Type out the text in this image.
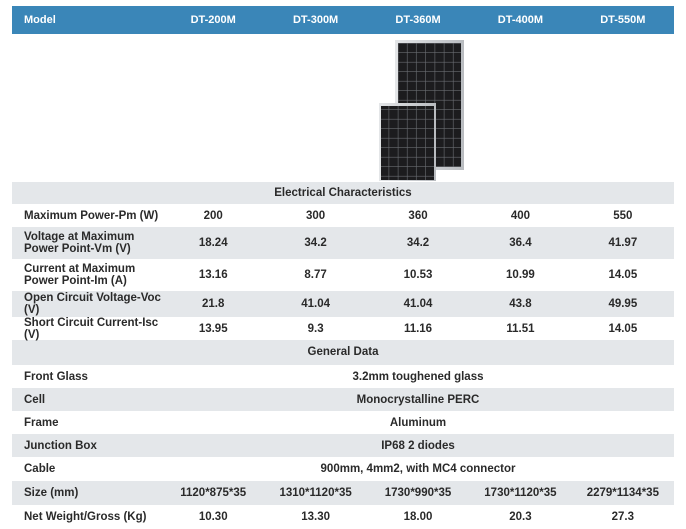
Model	DT-200M	DT-300M	DT-360M	DT-400M	DT-550M
Electrical Characteristics
Maximum Power-Pm (W)	200	300	360	400	550
Voltage at Maximum Power Point-Vm (V)	18.24	34.2	34.2	36.4	41.97
Current at Maximum Power Point-Im (A)	13.16	8.77	10.53	10.99	14.05
Open Circuit Voltage-Voc (V)	21.8	41.04	41.04	43.8	49.95
Short Circuit Current-Isc (V)	13.95	9.3	11.16	11.51	14.05
General Data
Front Glass	3.2mm toughened glass
Cell	Monocrystalline PERC
Frame	Aluminum
Junction Box	IP68 2 diodes
Cable	900mm, 4mm2, with MC4 connector
Size (mm)	1120*875*35	1310*1120*35	1730*990*35	1730*1120*35	2279*1134*35
Net Weight/Gross (Kg)	10.30	13.30	18.00	20.3	27.3
